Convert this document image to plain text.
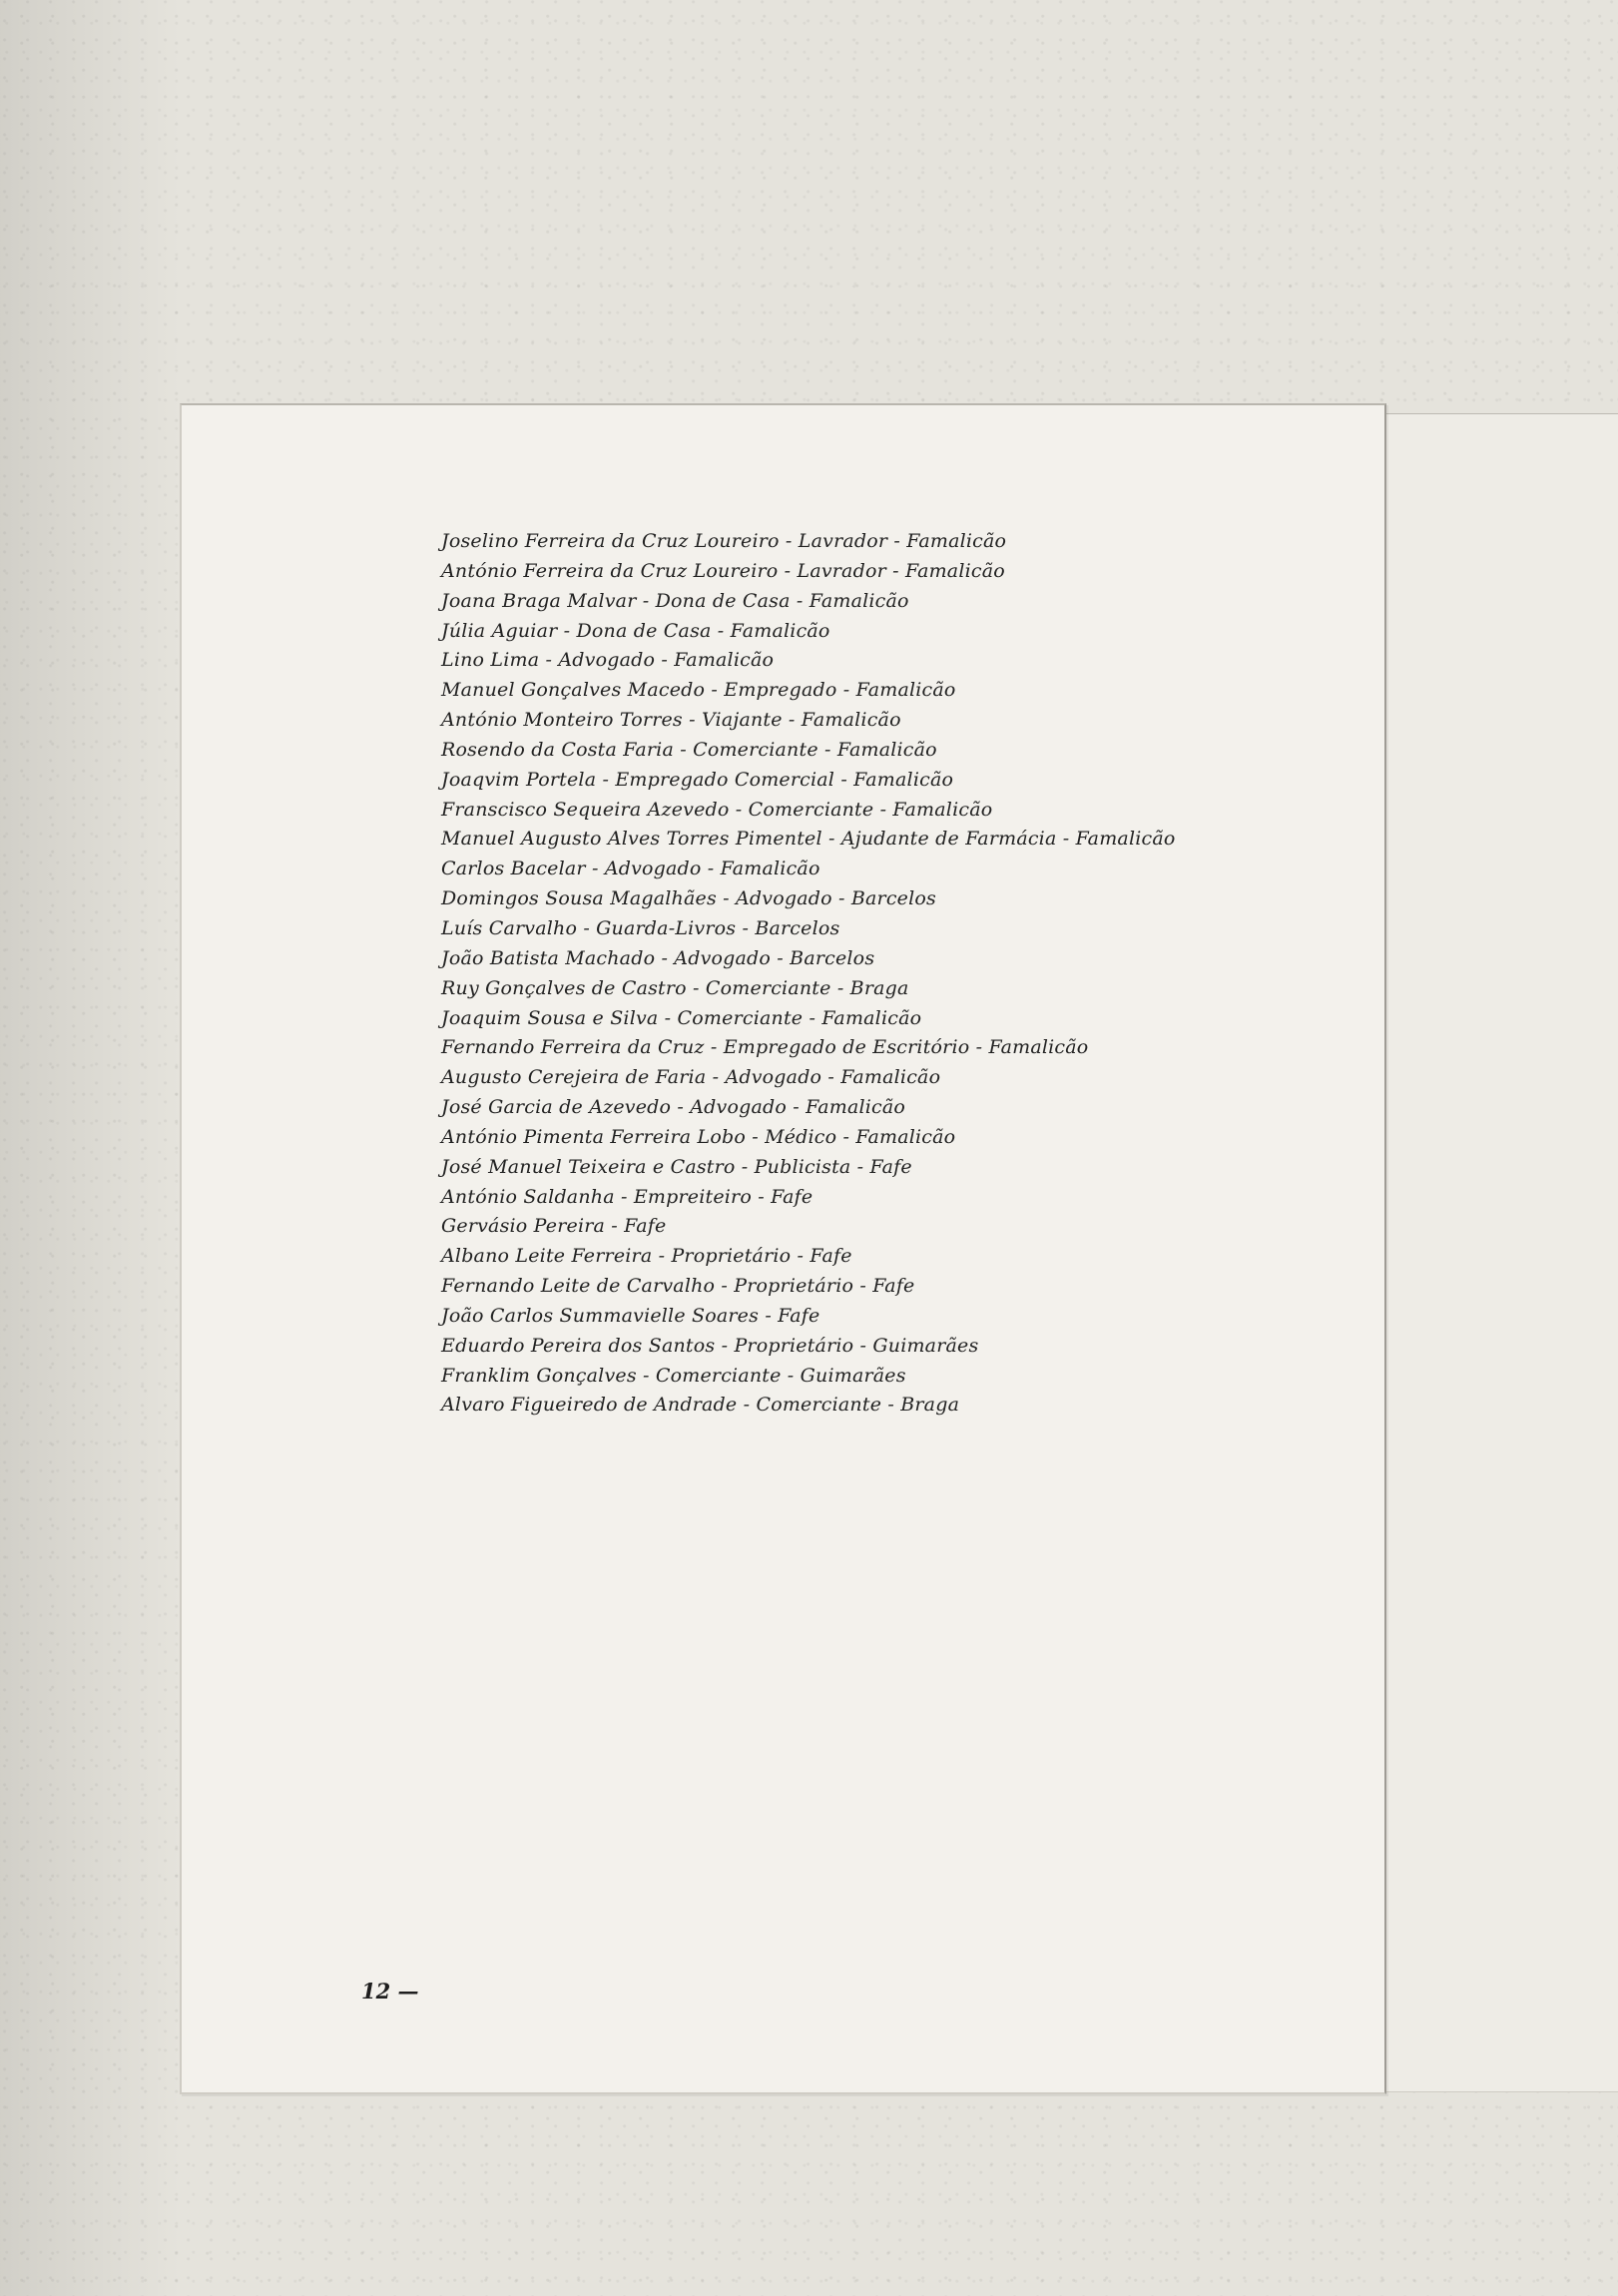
Joselino Ferreira da Cruz Loureiro - Lavrador - Famalicão
António Ferreira da Cruz Loureiro - Lavrador - Famalicão
Joana Braga Malvar - Dona de Casa - Famalicão
Júlia Aguiar - Dona de Casa - Famalicão
Lino Lima - Advogado - Famalicão
Manuel Gonçalves Macedo - Empregado - Famalicão
António Monteiro Torres - Viajante - Famalicão
Rosendo da Costa Faria - Comerciante - Famalicão
Joaqvim Portela - Empregado Comercial - Famalicão
Franscisco Sequeira Azevedo - Comerciante - Famalicão
Manuel Augusto Alves Torres Pimentel - Ajudante de Farmácia - Famalicão
Carlos Bacelar - Advogado - Famalicão
Domingos Sousa Magalhães - Advogado - Barcelos
Luís Carvalho - Guarda-Livros - Barcelos
João Batista Machado - Advogado - Barcelos
Ruy Gonçalves de Castro - Comerciante - Braga
Joaquim Sousa e Silva - Comerciante - Famalicão
Fernando Ferreira da Cruz - Empregado de Escritório - Famalicão
Augusto Cerejeira de Faria - Advogado - Famalicão
José Garcia de Azevedo - Advogado - Famalicão
António Pimenta Ferreira Lobo - Médico - Famalicão
José Manuel Teixeira e Castro - Publicista - Fafe
António Saldanha - Empreiteiro - Fafe
Gervásio Pereira - Fafe
Albano Leite Ferreira - Proprietário - Fafe
Fernando Leite de Carvalho - Proprietário - Fafe
João Carlos Summavielle Soares - Fafe
Eduardo Pereira dos Santos - Proprietário - Guimarães
Franklim Gonçalves - Comerciante - Guimarães
Alvaro Figueiredo de Andrade - Comerciante - Braga
12 —
